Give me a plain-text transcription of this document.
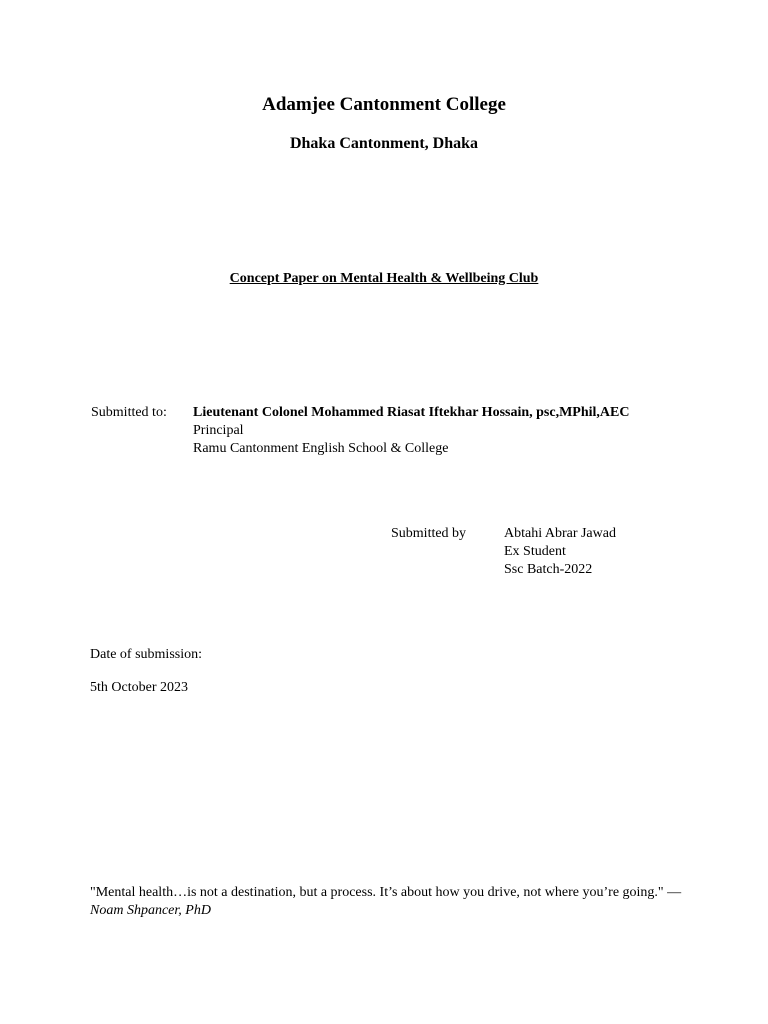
Adamjee Cantonment College
Dhaka Cantonment, Dhaka
Concept Paper on Mental Health & Wellbeing Club
Submitted to: Lieutenant Colonel Mohammed Riasat Iftekhar Hossain, psc,MPhil,AEC
Principal
Ramu Cantonment English School & College
Submitted by	Abtahi Abrar Jawad
Ex Student
Ssc Batch-2022
Date of submission:
5th October 2023
"Mental health…is not a destination, but a process. It’s about how you drive, not where you’re going." — Noam Shpancer, PhD
